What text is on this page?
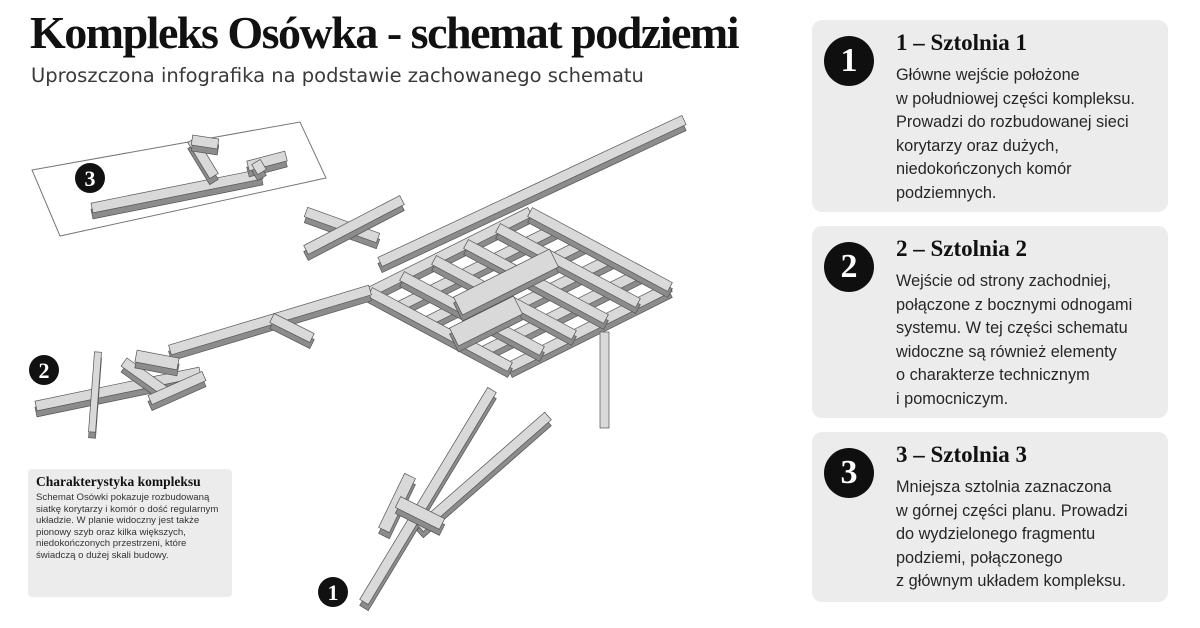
Kompleks Osówka - schemat podziemi

Uproszczona infografika na podstawie zachowanego schematu

3
2
1

Charakterystyka kompleksu

Schemat Osówki pokazuje rozbudowaną siatkę korytarzy i komór o dość regularnym układzie. W planie widoczny jest także pionowy szyb oraz kilka większych, niedokończonych przestrzeni, które świadczą o dużej skali budowy.

1	1 – Sztolnia 1

Główne wejście położone
w południowej części kompleksu.
Prowadzi do rozbudowanej sieci
korytarzy oraz dużych,
niedokończonych komór
podziemnych.

2	2 – Sztolnia 2

Wejście od strony zachodniej,
połączone z bocznymi odnogami
systemu. W tej części schematu
widoczne są również elementy
o charakterze technicznym
i pomocniczym.

3	3 – Sztolnia 3

Mniejsza sztolnia zaznaczona
w górnej części planu. Prowadzi
do wydzielonego fragmentu
podziemi, połączonego
z głównym układem kompleksu.
